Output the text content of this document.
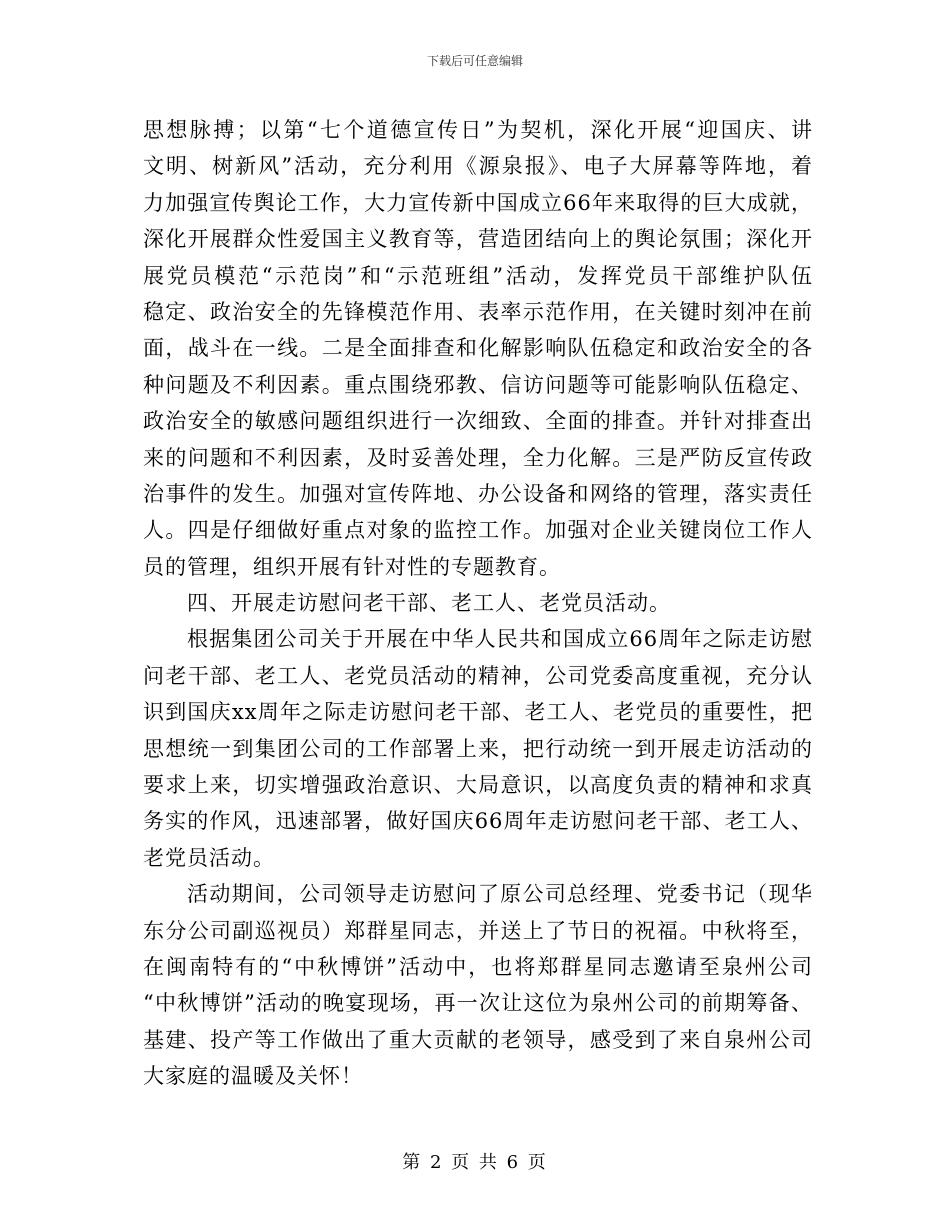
下载后可任意编辑
思想脉搏；以第“七个道德宣传日”为契机，深化开展“迎国庆、讲
文明、树新风”活动，充分利用《源泉报》、电子大屏幕等阵地，着
力加强宣传舆论工作，大力宣传新中国成立66年来取得的巨大成就，
深化开展群众性爱国主义教育等，营造团结向上的舆论氛围；深化开
展党员模范“示范岗”和“示范班组”活动，发挥党员干部维护队伍
稳定、政治安全的先锋模范作用、表率示范作用，在关键时刻冲在前
面，战斗在一线。二是全面排查和化解影响队伍稳定和政治安全的各
种问题及不利因素。重点围绕邪教、信访问题等可能影响队伍稳定、
政治安全的敏感问题组织进行一次细致、全面的排查。并针对排查出
来的问题和不利因素，及时妥善处理，全力化解。三是严防反宣传政
治事件的发生。加强对宣传阵地、办公设备和网络的管理，落实责任
人。四是仔细做好重点对象的监控工作。加强对企业关键岗位工作人
员的管理，组织开展有针对性的专题教育。
四、开展走访慰问老干部、老工人、老党员活动。
根据集团公司关于开展在中华人民共和国成立66周年之际走访慰
问老干部、老工人、老党员活动的精神，公司党委高度重视，充分认
识到国庆xx周年之际走访慰问老干部、老工人、老党员的重要性，把
思想统一到集团公司的工作部署上来，把行动统一到开展走访活动的
要求上来，切实增强政治意识、大局意识，以高度负责的精神和求真
务实的作风，迅速部署，做好国庆66周年走访慰问老干部、老工人、
老党员活动。
活动期间，公司领导走访慰问了原公司总经理、党委书记（现华
东分公司副巡视员）郑群星同志，并送上了节日的祝福。中秋将至，
在闽南特有的“中秋博饼”活动中，也将郑群星同志邀请至泉州公司
“中秋博饼”活动的晚宴现场，再一次让这位为泉州公司的前期筹备、
基建、投产等工作做出了重大贡献的老领导，感受到了来自泉州公司
大家庭的温暖及关怀！
第 2 页 共 6 页
